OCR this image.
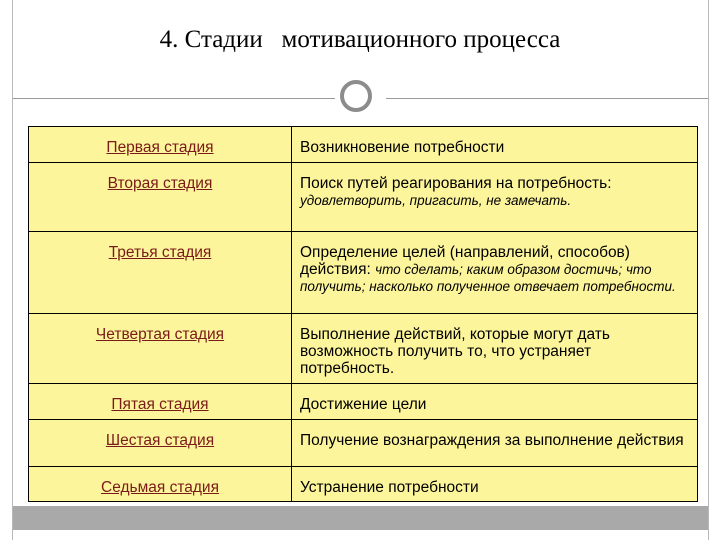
4. Стадии   мотивационного процесса
Первая стадия	Возникновение потребности
Вторая стадия	Поиск путей реагирования на потребность:
удовлетворить, пригасить, не замечать.
Третья стадия	Определение целей (направлений, способов) действия: что сделать; каким образом достичь; что получить; насколько полученное отвечает потребности.
Четвертая стадия	Выполнение действий, которые могут дать возможность получить то, что устраняет потребность.
Пятая стадия	Достижение цели
Шестая стадия	Получение вознаграждения за выполнение действия
Седьмая стадия	Устранение потребности
